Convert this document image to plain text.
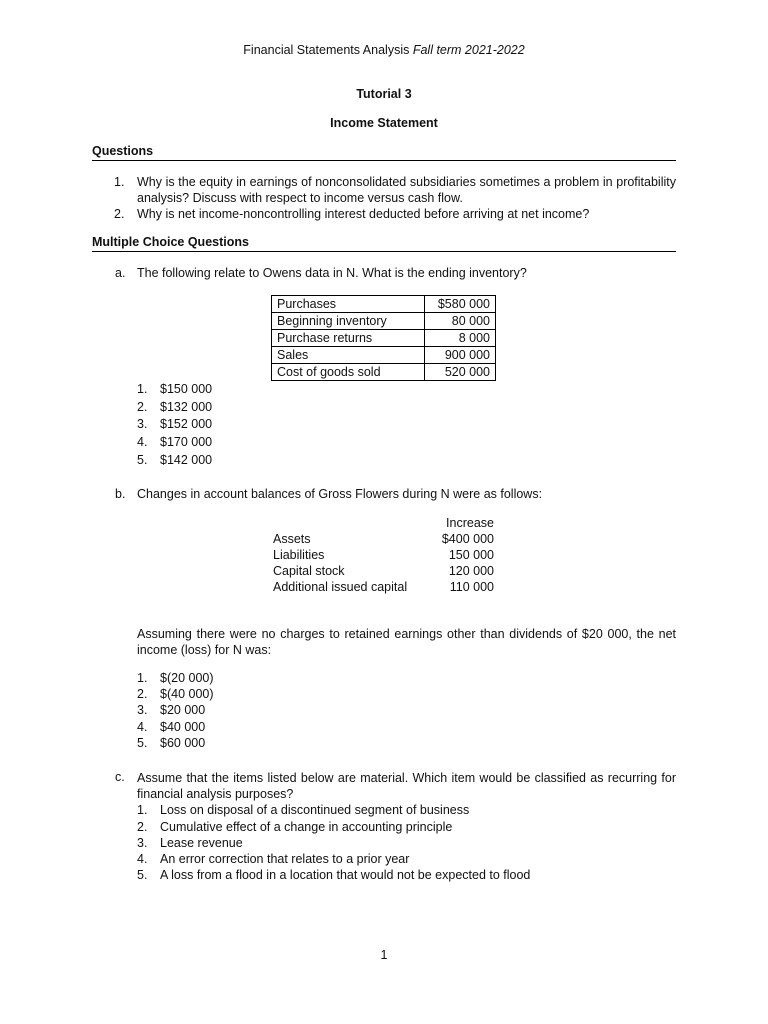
Financial Statements Analysis Fall term 2021-2022
Tutorial 3
Income Statement
Questions
1. Why is the equity in earnings of nonconsolidated subsidiaries sometimes a problem in profitability analysis? Discuss with respect to income versus cash flow.
2. Why is net income-noncontrolling interest deducted before arriving at net income?
Multiple Choice Questions
a. The following relate to Owens data in N. What is the ending inventory?
Purchases	$580 000
Beginning inventory	80 000
Purchase returns	8 000
Sales	900 000
Cost of goods sold	520 000
1. $150 000
2. $132 000
3. $152 000
4. $170 000
5. $142 000
b. Changes in account balances of Gross Flowers during N were as follows:
	Increase
Assets	$400 000
Liabilities	150 000
Capital stock	120 000
Additional issued capital	110 000
Assuming there were no charges to retained earnings other than dividends of $20 000, the net income (loss) for N was:
1. $(20 000)
2. $(40 000)
3. $20 000
4. $40 000
5. $60 000
c. Assume that the items listed below are material. Which item would be classified as recurring for financial analysis purposes?
1. Loss on disposal of a discontinued segment of business
2. Cumulative effect of a change in accounting principle
3. Lease revenue
4. An error correction that relates to a prior year
5. A loss from a flood in a location that would not be expected to flood
1
